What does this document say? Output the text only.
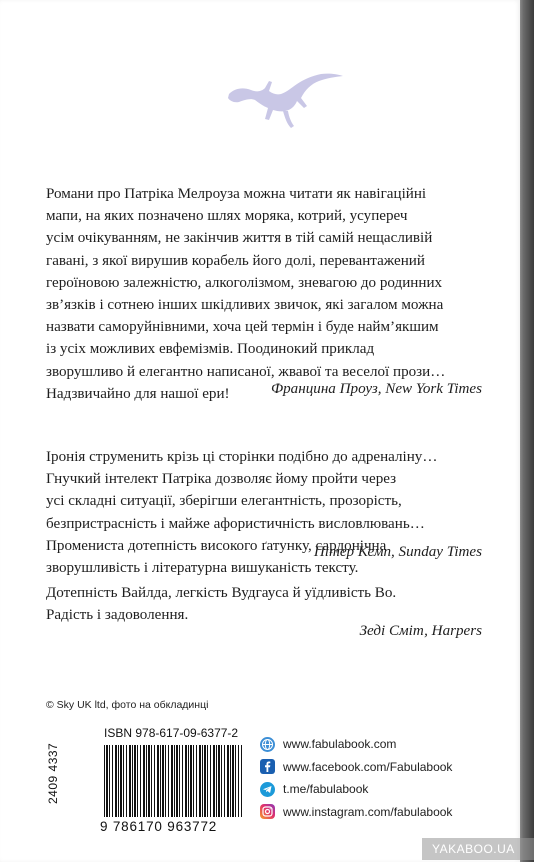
Романи про Патріка Мелроуза можна читати як навігаційні
мапи, на яких позначено шлях моряка, котрий, усупереч
усім очікуванням, не закінчив життя в тій самій нещасливій
гавані, з якої вирушив корабель його долі, перевантажений
героїновою залежністю, алкоголізмом, зневагою до родинних
зв’язків і сотнею інших шкідливих звичок, які загалом можна
назвати саморуйнівними, хоча цей термін і буде найм’якшим
із усіх можливих евфемізмів. Поодинокий приклад
зворушливо й елегантно написаної, жвавої та веселої прози…
Надзвичайно для нашої ери!	Францина Проуз, New York Times
Іронія струменить крізь ці сторінки подібно до адреналіну…
Гнучкий інтелект Патріка дозволяє йому пройти через
усі складні ситуації, зберігши елегантність, прозорість,
безпристрасність і майже афористичність висловлювань…
Променистa дотепність високого ґатунку, сардонічна
зворушливість і літературна вишуканість тексту.
Пітер Кемп, Sunday Times
Дотепність Вайлда, легкість Вудгауса й уїдливість Во.
Радість і задоволення.
Зеді Сміт, Harpers
© Sky UK ltd, фото на обкладинці
2409 4337
ISBN 978-617-09-6377-2
9 786170 963772
www.fabulabook.com
www.facebook.com/Fabulabook
t.me/fabulabook
www.instagram.com/fabulabook
YAKABOO.UA
